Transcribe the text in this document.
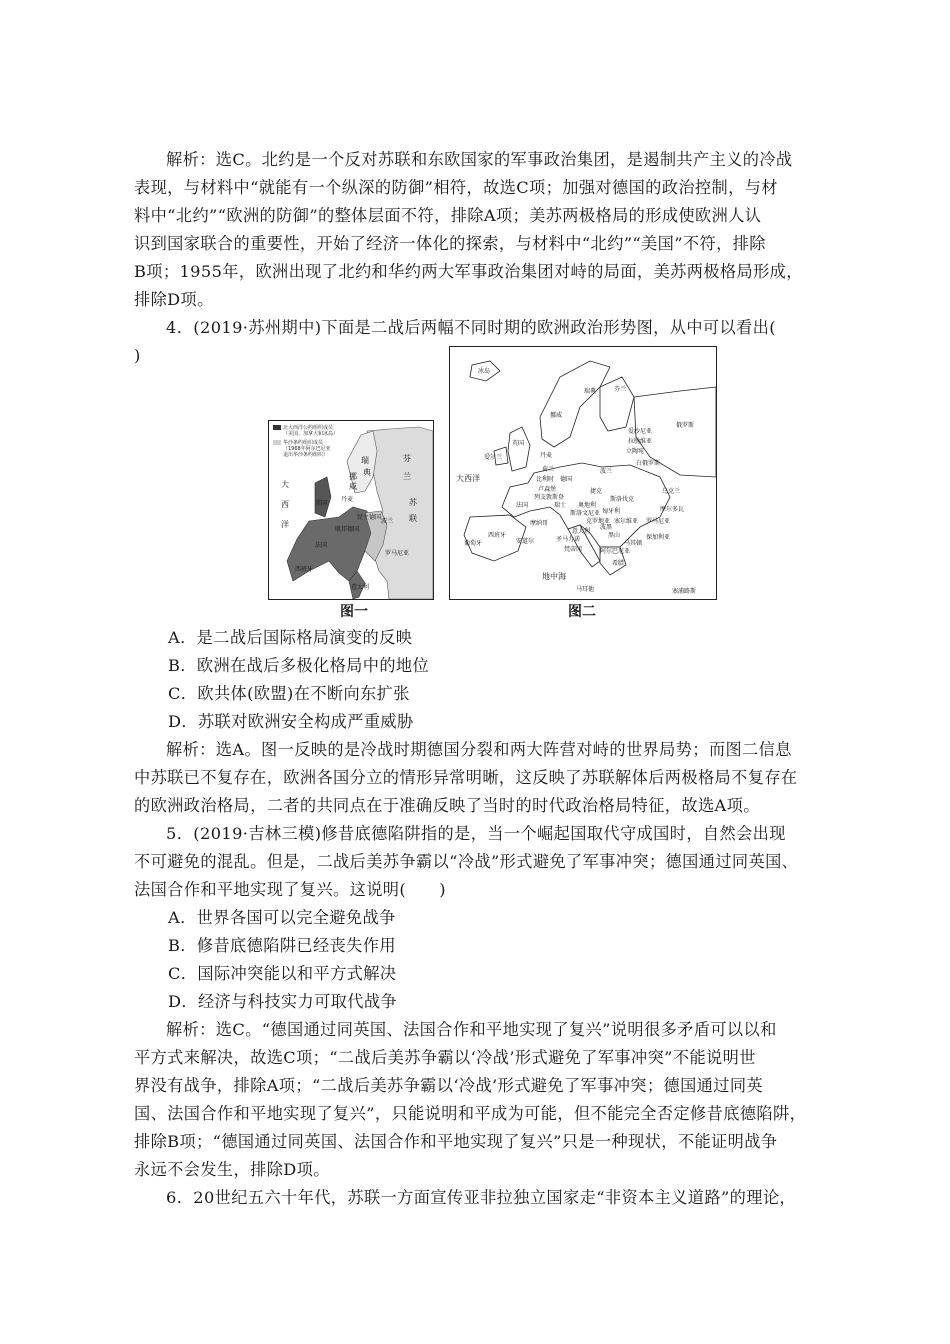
解析：选C。北约是一个反对苏联和东欧国家的军事政治集团，是遏制共产主义的冷战
表现，与材料中“就能有一个纵深的防御”相符，故选C项；加强对德国的政治控制，与材
料中“北约”“欧洲的防御”的整体层面不符，排除A项；美苏两极格局的形成使欧洲人认
识到国家联合的重要性，开始了经济一体化的探索，与材料中“北约”“美国”不符，排除
B项；1955年，欧洲出现了北约和华约两大军事政治集团对峙的局面，美苏两极格局形成，
排除D项。
4．(2019·苏州期中)下面是二战后两幅不同时期的欧洲政治形势图，从中可以看出(
)
北大西洋公约组织成员
（美国、加拿大和冰岛）
华沙条约组织成员
（1968年阿尔巴尼亚
退出华沙条约组织）
大
西
洋
瑞
典
芬
兰
挪
威
苏
联
丹麦
英国
波兰
民主德国
联邦德国
法国
西班牙
罗马尼亚
意大利
图一
冰岛
挪威
瑞典	芬兰
俄罗斯
爱沙尼亚
拉脱维亚
立陶宛
白俄罗斯
爱尔兰
英国
丹麦
荷兰
比利时
卢森堡
列支敦斯登
德国
波兰
捷克
斯洛伐克
乌克兰
摩尔多瓦
法国	瑞士 奥地利
匈牙利
罗马尼亚
斯洛文尼亚
克罗地亚
波黑
塞尔维亚
保加利亚
黑山
马其顿
阿尔巴尼亚
希腊
意大利
圣马力诺
梵蒂冈
摩纳哥
安道尔
西班牙
葡萄牙
马耳他	塞浦路斯
大西洋
地中海
图二
A．是二战后国际格局演变的反映
B．欧洲在战后多极化格局中的地位
C．欧共体(欧盟)在不断向东扩张
D．苏联对欧洲安全构成严重威胁
解析：选A。图一反映的是冷战时期德国分裂和两大阵营对峙的世界局势；而图二信息
中苏联已不复存在，欧洲各国分立的情形异常明晰，这反映了苏联解体后两极格局不复存在
的欧洲政治格局，二者的共同点在于准确反映了当时的时代政治格局特征，故选A项。
5．(2019·吉林三模)修昔底德陷阱指的是，当一个崛起国取代守成国时，自然会出现
不可避免的混乱。但是，二战后美苏争霸以“冷战”形式避免了军事冲突；德国通过同英国、
法国合作和平地实现了复兴。这说明(　　)
A．世界各国可以完全避免战争
B．修昔底德陷阱已经丧失作用
C．国际冲突能以和平方式解决
D．经济与科技实力可取代战争
解析：选C。“德国通过同英国、法国合作和平地实现了复兴”说明很多矛盾可以以和
平方式来解决，故选C项；“二战后美苏争霸以‘冷战’形式避免了军事冲突”不能说明世
界没有战争，排除A项；“二战后美苏争霸以‘冷战’形式避免了军事冲突；德国通过同英
国、法国合作和平地实现了复兴”，只能说明和平成为可能，但不能完全否定修昔底德陷阱，
排除B项；“德国通过同英国、法国合作和平地实现了复兴”只是一种现状，不能证明战争
永远不会发生，排除D项。
6．20世纪五六十年代，苏联一方面宣传亚非拉独立国家走“非资本主义道路”的理论，
